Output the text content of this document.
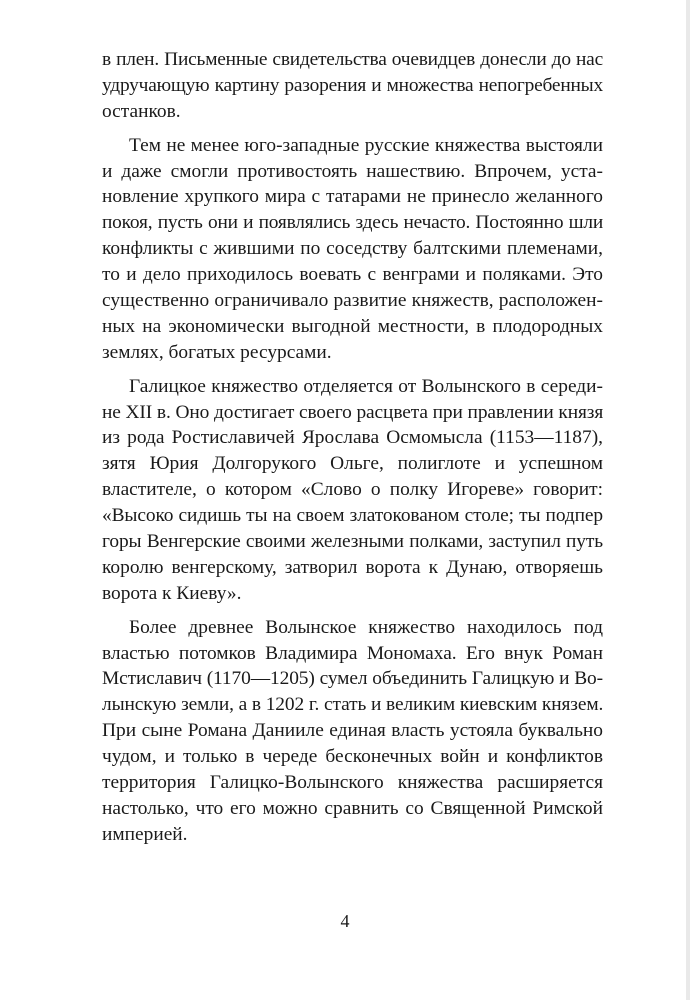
в плен. Письменные свидетельства очевидцев донесли до нас
удручающую картину разорения и множества непогребенных
останков.
Тем не менее юго-западные русские княжества выстояли
и даже смогли противостоять нашествию. Впрочем, уста-
новление хрупкого мира с татарами не принесло желанного
покоя, пусть они и появлялись здесь нечасто. Постоянно шли
конфликты с жившими по соседству балтскими племенами,
то и дело приходилось воевать с венграми и поляками. Это
существенно ограничивало развитие княжеств, расположен-
ных на экономически выгодной местности, в плодородных
землях, богатых ресурсами.
Галицкое княжество отделяется от Волынского в середи-
не XII в. Оно достигает своего расцвета при правлении князя
из рода Ростиславичей Ярослава Осмомысла (1153—1187),
зятя Юрия Долгорукого Ольге, полиглоте и успешном
властителе, о котором «Слово о полку Игореве» говорит:
«Высоко сидишь ты на своем златокованом столе; ты подпер
горы Венгерские своими железными полками, заступил путь
королю венгерскому, затворил ворота к Дунаю, отворяешь
ворота к Киеву».
Более древнее Волынское княжество находилось под
властью потомков Владимира Мономаха. Его внук Роман
Мстиславич (1170—1205) сумел объединить Галицкую и Во-
лынскую земли, а в 1202 г. стать и великим киевским князем.
При сыне Романа Данииле единая власть устояла буквально
чудом, и только в череде бесконечных войн и конфликтов
территория Галицко-Волынского княжества расширяется
настолько, что его можно сравнить со Священной Римской
империей.
4
